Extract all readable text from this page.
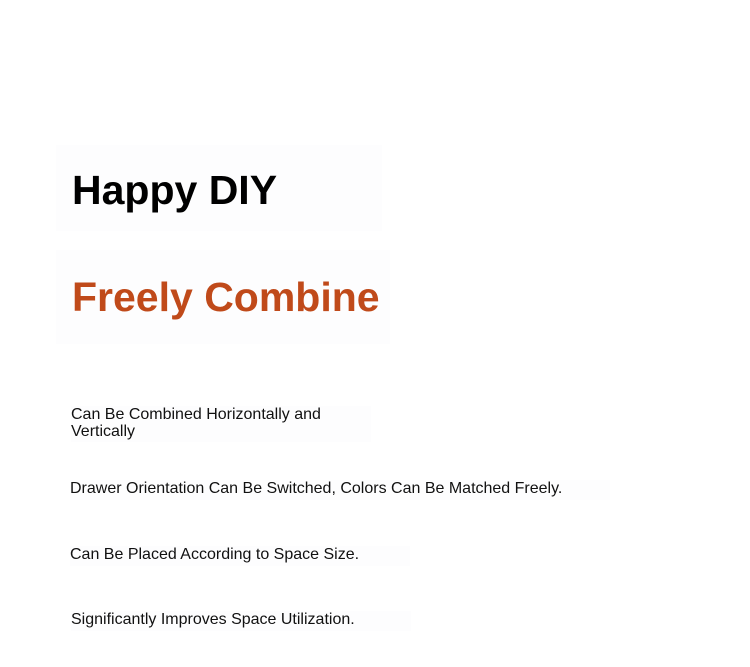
Happy DIY
Freely Combine
Can Be Combined Horizontally and Vertically
Drawer Orientation Can Be Switched, Colors Can Be Matched Freely.
Can Be Placed According to Space Size.
Significantly Improves Space Utilization.
